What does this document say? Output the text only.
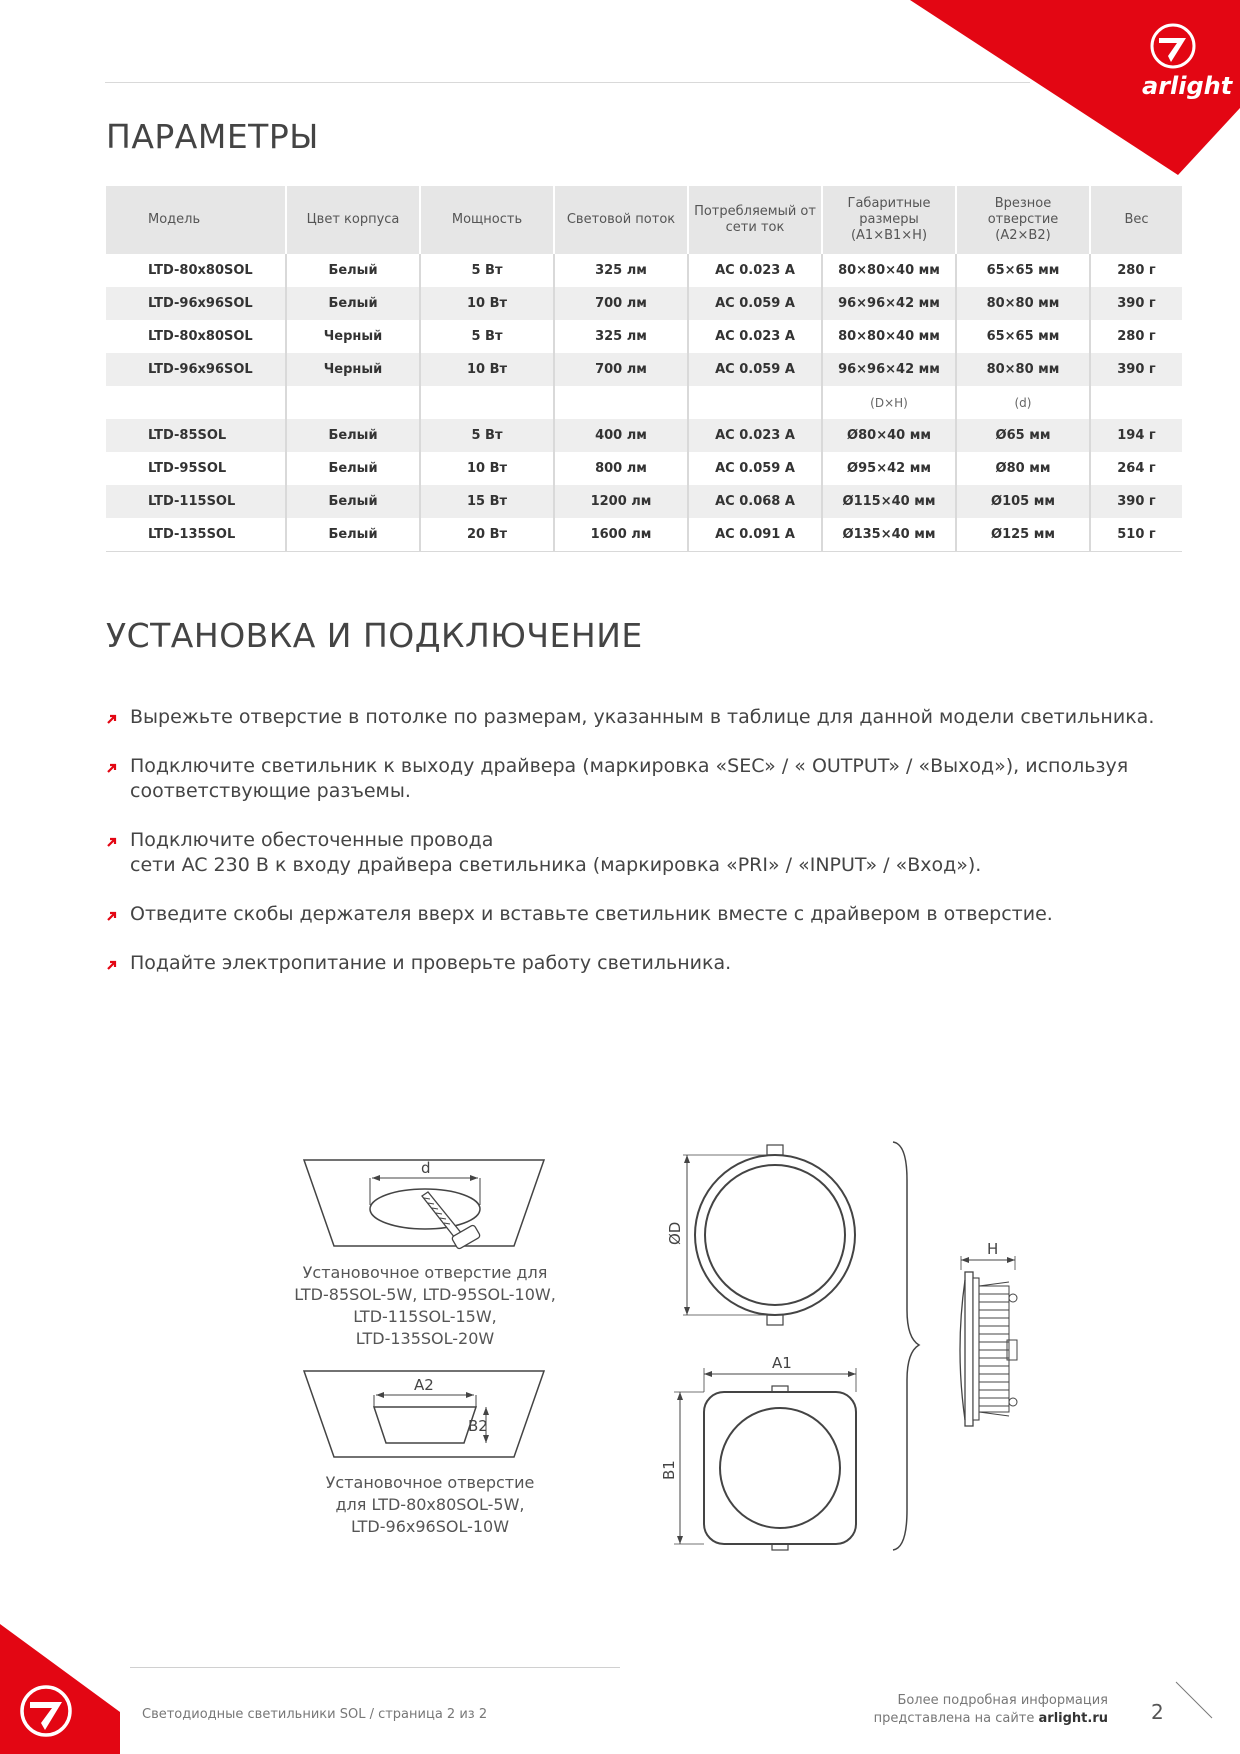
arlight
ПАРАМЕТРЫ
Модель	Цвет корпуса	Мощность	Световой поток	Потребляемый от сети ток	Габаритные размеры (A1×B1×H)	Врезное отверстие (A2×B2)	Вес
LTD-80x80SOL	Белый	5 Вт	325 лм	AC 0.023 A	80×80×40 мм	65×65 мм	280 г
LTD-96x96SOL	Белый	10 Вт	700 лм	AC 0.059 A	96×96×42 мм	80×80 мм	390 г
LTD-80x80SOL	Черный	5 Вт	325 лм	AC 0.023 A	80×80×40 мм	65×65 мм	280 г
LTD-96x96SOL	Черный	10 Вт	700 лм	AC 0.059 A	96×96×42 мм	80×80 мм	390 г
					(D×H)	(d)	
LTD-85SOL	Белый	5 Вт	400 лм	AC 0.023 A	Ø80×40 мм	Ø65 мм	194 г
LTD-95SOL	Белый	10 Вт	800 лм	AC 0.059 A	Ø95×42 мм	Ø80 мм	264 г
LTD-115SOL	Белый	15 Вт	1200 лм	AC 0.068 A	Ø115×40 мм	Ø105 мм	390 г
LTD-135SOL	Белый	20 Вт	1600 лм	AC 0.091 A	Ø135×40 мм	Ø125 мм	510 г
УСТАНОВКА И ПОДКЛЮЧЕНИЕ
Вырежьте отверстие в потолке по размерам, указанным в таблице для данной модели светильника.
Подключите светильник к выходу драйвера (маркировка «SEC» / « OUTPUT» / «Выход»), используя
соответствующие разъемы.
Подключите обесточенные провода
сети AC 230 В к входу драйвера светильника (маркировка «PRI» / «INPUT» / «Вход»).
Отведите скобы держателя вверх и вставьте светильник вместе с драйвером в отверстие.
Подайте электропитание и проверьте работу светильника.
d
Установочное отверстие для
LTD-85SOL-5W, LTD-95SOL-10W,
LTD-115SOL-15W,
LTD-135SOL-20W
A2
B2
Установочное отверстие
для LTD-80x80SOL-5W,
LTD-96x96SOL-10W
ØD
A1
B1
H
Светодиодные светильники SOL / страница 2 из 2
Более подробная информация
представлена на сайте arlight.ru 2
